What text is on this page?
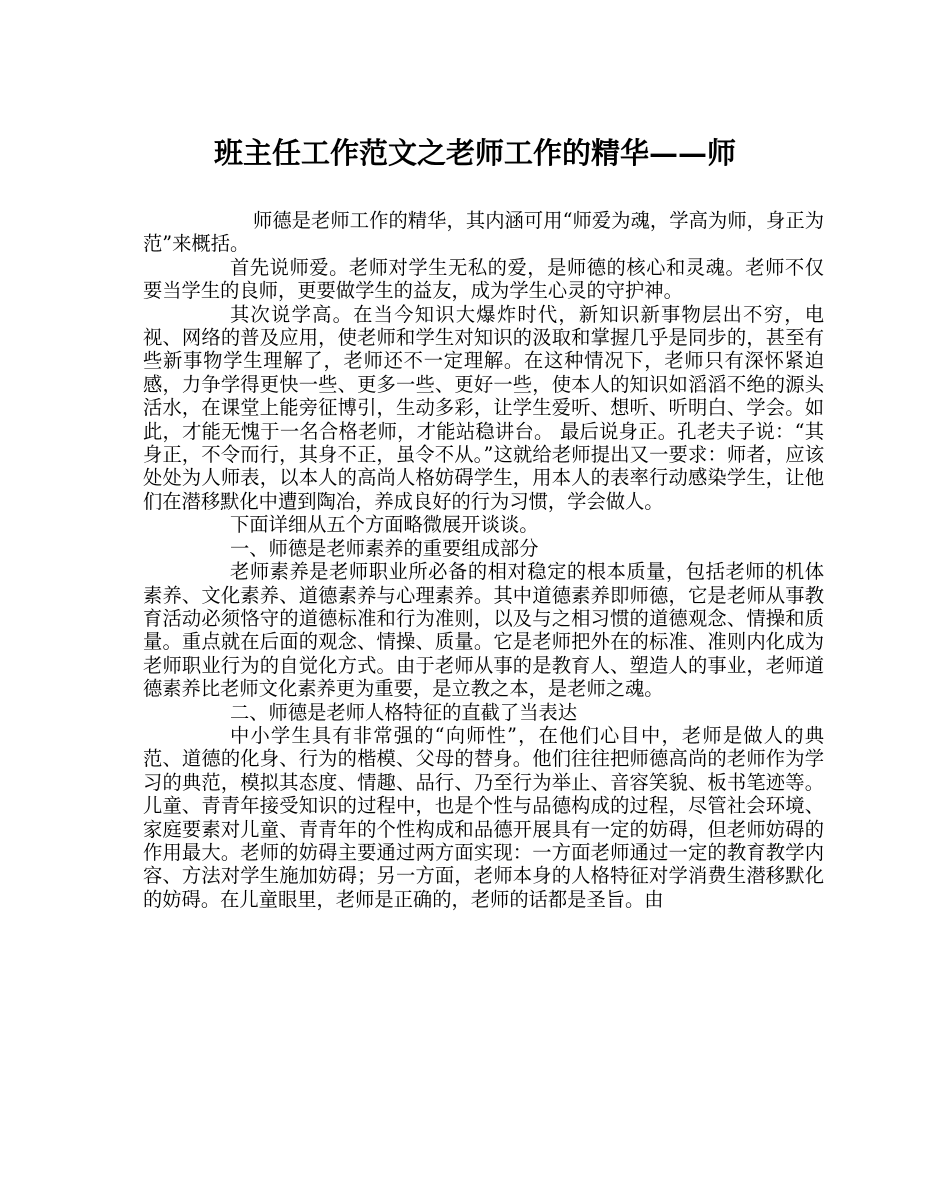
班主任工作范文之老师工作的精华——师

师德是老师工作的精华，其内涵可用“师爱为魂，学高为师，身正为范”来概括。

首先说师爱。老师对学生无私的爱，是师德的核心和灵魂。老师不仅要当学生的良师，更要做学生的益友，成为学生心灵的守护神。

其次说学高。在当今知识大爆炸时代，新知识新事物层出不穷，电视、网络的普及应用，使老师和学生对知识的汲取和掌握几乎是同步的，甚至有些新事物学生理解了，老师还不一定理解。在这种情况下，老师只有深怀紧迫感，力争学得更快一些、更多一些、更好一些，使本人的知识如滔滔不绝的源头活水，在课堂上能旁征博引，生动多彩，让学生爱听、想听、听明白、学会。如此，才能无愧于一名合格老师，才能站稳讲台。 最后说身正。孔老夫子说：“其身正，不令而行，其身不正，虽令不从。”这就给老师提出又一要求：师者，应该处处为人师表，以本人的高尚人格妨碍学生，用本人的表率行动感染学生，让他们在潜移默化中遭到陶冶，养成良好的行为习惯，学会做人。

下面详细从五个方面略微展开谈谈。

一、师德是老师素养的重要组成部分

老师素养是老师职业所必备的相对稳定的根本质量，包括老师的机体素养、文化素养、道德素养与心理素养。其中道德素养即师德，它是老师从事教育活动必须恪守的道德标准和行为准则，以及与之相习惯的道德观念、情操和质量。重点就在后面的观念、情操、质量。它是老师把外在的标准、准则内化成为老师职业行为的自觉化方式。由于老师从事的是教育人、塑造人的事业，老师道德素养比老师文化素养更为重要，是立教之本，是老师之魂。

二、师德是老师人格特征的直截了当表达

中小学生具有非常强的“向师性”，在他们心目中，老师是做人的典范、道德的化身、行为的楷模、父母的替身。他们往往把师德高尚的老师作为学习的典范，模拟其态度、情趣、品行、乃至行为举止、音容笑貌、板书笔迹等。儿童、青青年接受知识的过程中，也是个性与品德构成的过程，尽管社会环境、家庭要素对儿童、青青年的个性构成和品德开展具有一定的妨碍，但老师妨碍的作用最大。老师的妨碍主要通过两方面实现：一方面老师通过一定的教育教学内容、方法对学生施加妨碍；另一方面，老师本身的人格特征对学消费生潜移默化的妨碍。在儿童眼里，老师是正确的，老师的话都是圣旨。由
